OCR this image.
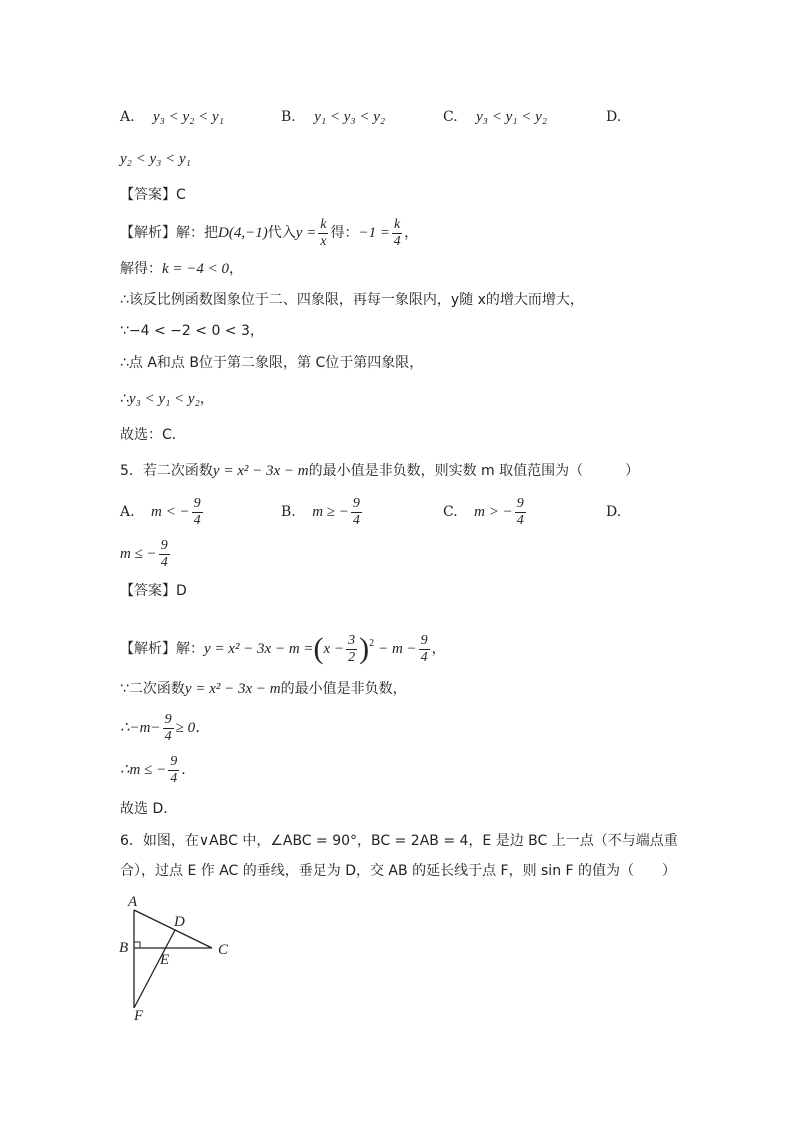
A. y₃ < y₂ < y₁	B. y₁ < y₃ < y₂	C. y₃ < y₁ < y₂	D.
y₂ < y₃ < y₁
【答案】C
【解析】解：把D(4,−1)代入$y = \frac{k}{x}$ 得：$-1 = \frac{k}{4}$ ，
解得：k = −4 < 0，
∴该反比例函数图象位于二、四象限，再每一象限内，y随 x的增大而增大，
∵−4 < −2 < 0 < 3，
∴点 A和点 B位于第二象限，第 C位于第四象限，
∴y₃ < y₁ < y₂，
故选：C．
5．若二次函数y = x² − 3x − m的最小值是非负数，则实数 m 取值范围为（　　　）
A. m < − $\frac{9}{4}$	B. m ≥ − $\frac{9}{4}$	C. m > − $\frac{9}{4}$	D.
m ≤ − $\frac{9}{4}$
【答案】D
【解析】解：$y = x^2 - 3x - m =(x - \frac{3}{2} )^2 - m - \frac{9}{4}$ ，
∵二次函数y = x² − 3x − m的最小值是非负数，
∴−m− $\frac{9}{4} \ge 0$．
∴m ≤ − $\frac{9}{4}$ ．
故选 D．
6．如图，在∨ABC 中，∠ABC = 90°，BC = 2AB = 4，E 是边 BC 上一点（不与端点重
合），过点 E 作 AC 的垂线，垂足为 D，交 AB 的延长线于点 F，则 sin F 的值为（　　）
A
D
B
E
C
F
